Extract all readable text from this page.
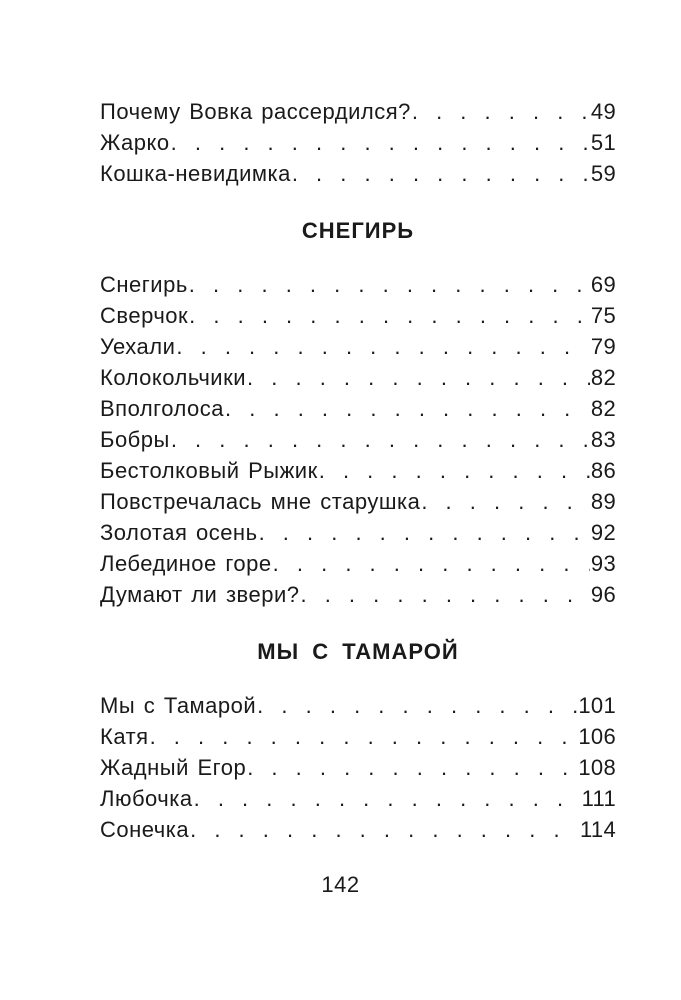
Почему Вовка рассердился? . . .	49
Жарко . . .	51
Кошка-невидимка . . .	59
СНЕГИРЬ
Снегирь . . .	69
Сверчок . . .	75
Уехали . . .	79
Колокольчики . . .	82
Вполголоса . . .	82
Бобры . . .	83
Бестолковый Рыжик . . .	86
Повстречалась мне старушка . . .	89
Золотая осень . . .	92
Лебединое горе . . .	93
Думают ли звери? . . .	96
МЫ С ТАМАРОЙ
Мы с Тамарой . . .	101
Катя . . .	106
Жадный Егор . . .	108
Любочка . . .	111
Сонечка . . .	114
142
